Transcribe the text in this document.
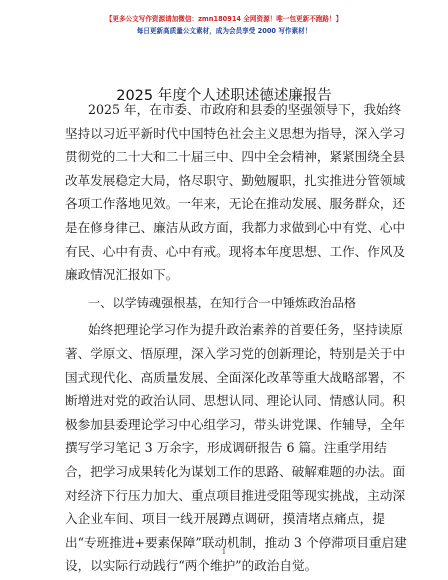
【更多公文写作资源请加微信：zmn180914 全网资源！唯一包更新不跑路！】
每日更新高质量公文素材，成为会员享受 2000 写作素材！
2025 年度个人述职述德述廉报告
2025 年，在市委、市政府和县委的坚强领导下，我始终
坚持以习近平新时代中国特色社会主义思想为指导，深入学习
贯彻党的二十大和二十届三中、四中全会精神，紧紧围绕全县
改革发展稳定大局，恪尽职守、勤勉履职，扎实推进分管领域
各项工作落地见效。一年来，无论在推动发展、服务群众，还
是在修身律己、廉洁从政方面，我都力求做到心中有党、心中
有民、心中有责、心中有戒。现将本年度思想、工作、作风及
廉政情况汇报如下。
一、以学铸魂强根基，在知行合一中锤炼政治品格
始终把理论学习作为提升政治素养的首要任务，坚持读原
著、学原文、悟原理，深入学习党的创新理论，特别是关于中
国式现代化、高质量发展、全面深化改革等重大战略部署，不
断增进对党的政治认同、思想认同、理论认同、情感认同。积
极参加县委理论学习中心组学习，带头讲党课、作辅导，全年
撰写学习笔记 3 万余字，形成调研报告 6 篇。注重学用结
合，把学习成果转化为谋划工作的思路、破解难题的办法。面
对经济下行压力加大、重点项目推进受阻等现实挑战，主动深
入企业车间、项目一线开展蹲点调研，摸清堵点痛点，提
出“专班推进+要素保障”联动机制，推动 3 个停滞项目重启建
设，以实际行动践行“两个维护”的政治自觉。
1
